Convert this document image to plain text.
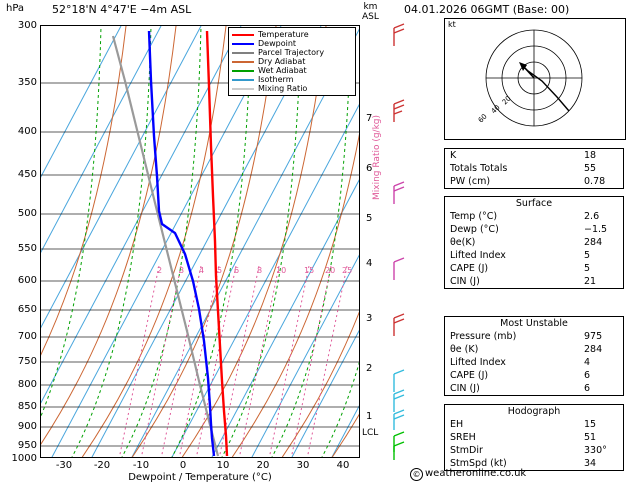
hPa	52°18'N 4°47'E −4m ASL	km
ASL
300
350
400
450
500
550
600
650
700
750
800
850
900
950
1000
1
2
3
4
5
6
7
LCL
Mixing Ratio (g/kg)
-30	-20	-10	0	10	20	30	40
Dewpoint / Temperature (°C)
2 3 4 5 6 8 10 15 20 25
Temperature
Dewpoint
Parcel Trajectory
Dry Adiabat
Wet Adiabat
Isotherm
Mixing Ratio
04.01.2026 06GMT (Base: 00)
kt
20
40
60
K	18
Totals Totals	55
PW (cm)	0.78
Surface
Temp (°C)	2.6
Dewp (°C)	−1.5
θe(K)	284
Lifted Index	5
CAPE (J)	5
CIN (J)	21
Most Unstable
Pressure (mb)	975
θe (K)	284
Lifted Index	4
CAPE (J)	6
CIN (J)	6
Hodograph
EH	15
SREH	51
StmDir	330°
StmSpd (kt)	34
© weatheronline.co.uk
